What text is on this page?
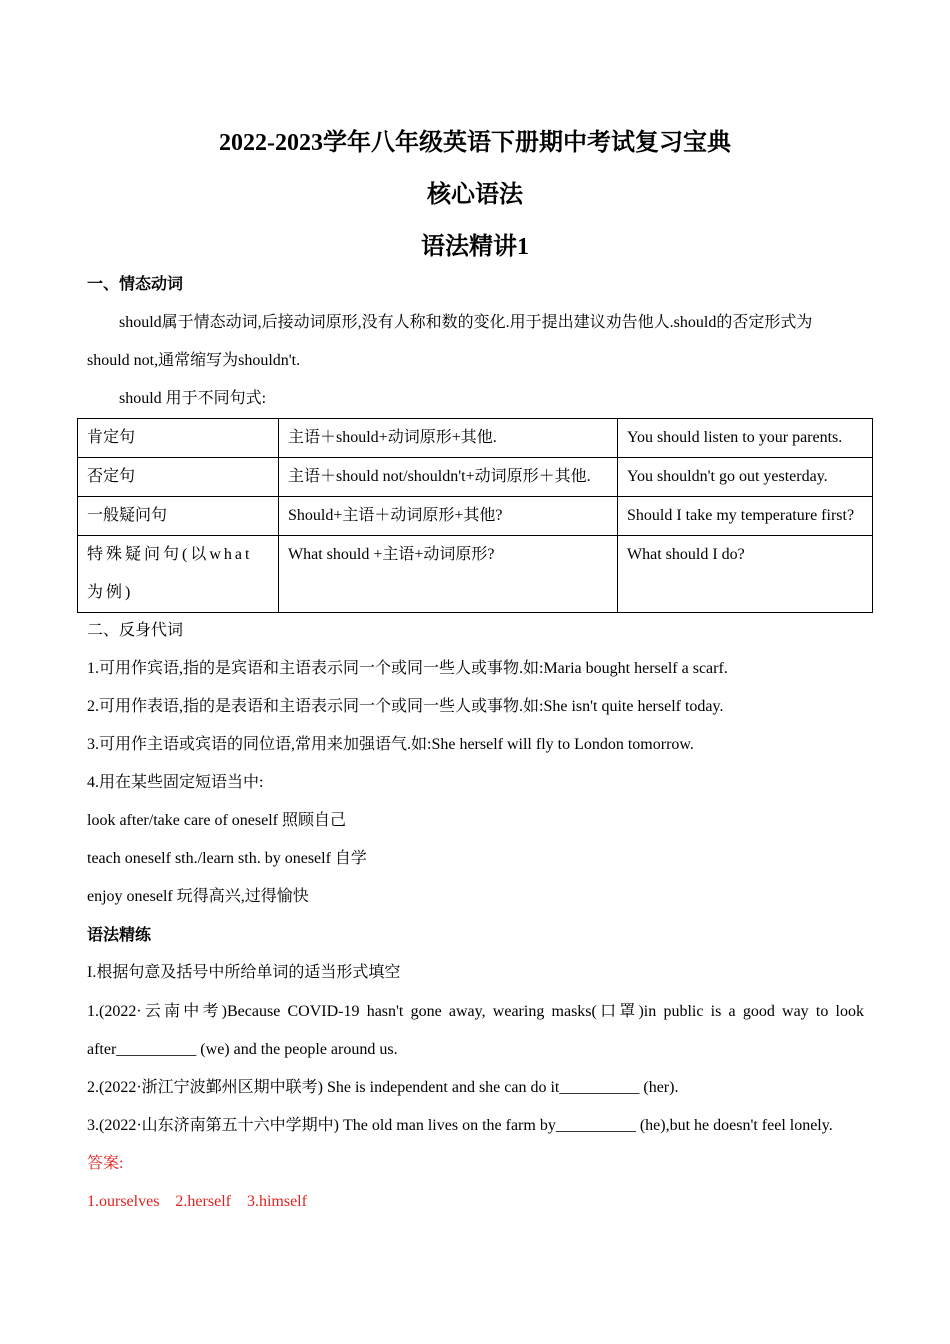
2022-2023学年八年级英语下册期中考试复习宝典
核心语法
语法精讲1
一、情态动词
should属于情态动词,后接动词原形,没有人称和数的变化.用于提出建议劝告他人.should的否定形式为
should not,通常缩写为shouldn't.
should 用于不同句式:
肯定句	主语＋should+动词原形+其他.	You should listen to your parents.
否定句	主语＋should not/shouldn't+动词原形＋其他.	You shouldn't go out yesterday.
一般疑问句	Should+主语＋动词原形+其他?	Should I take my temperature first?
特殊疑问句(以what为例)	What should +主语+动词原形?	What should I do?
二、反身代词
1.可用作宾语,指的是宾语和主语表示同一个或同一些人或事物.如:Maria bought herself a scarf.
2.可用作表语,指的是表语和主语表示同一个或同一些人或事物.如:She isn't quite herself today.
3.可用作主语或宾语的同位语,常用来加强语气.如:She herself will fly to London tomorrow.
4.用在某些固定短语当中:
look after/take care of oneself 照顾自己
teach oneself sth./learn sth. by oneself 自学
enjoy oneself 玩得高兴,过得愉快
语法精练
I.根据句意及括号中所给单词的适当形式填空
1.(2022·云南中考)Because COVID-19 hasn't gone away, wearing masks(口罩)in public is a good way to look
after__________ (we) and the people around us.
2.(2022·浙江宁波鄞州区期中联考) She is independent and she can do it__________ (her).
3.(2022·山东济南第五十六中学期中) The old man lives on the farm by__________ (he),but he doesn't feel lonely.
答案:
1.ourselves    2.herself    3.himself
